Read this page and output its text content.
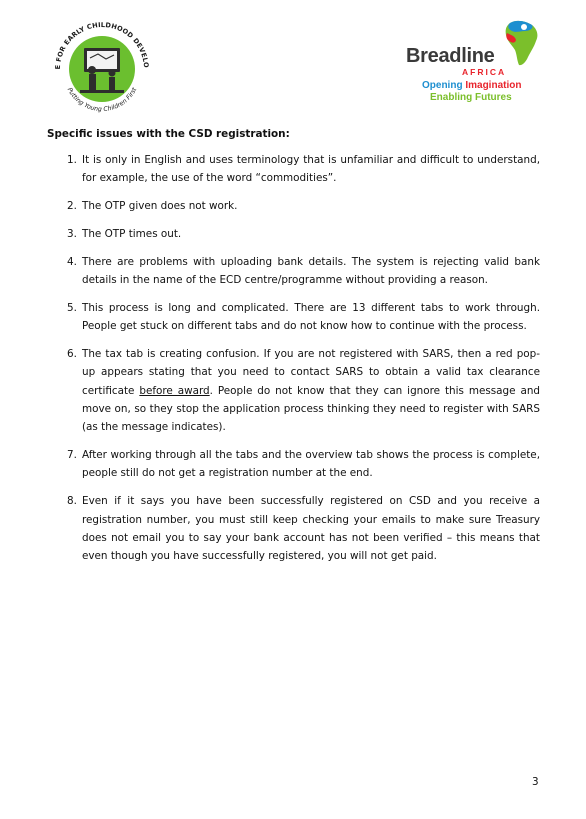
E FOR EARLY CHILDHOOD DEVELO
Putting Young Children First
Breadline
AFRICA
Opening Imagination
Enabling Futures

Specific issues with the CSD registration:

1. It is only in English and uses terminology that is unfamiliar and difficult to understand, for example, the use of the word “commodities”.
2. The OTP given does not work.
3. The OTP times out.
4. There are problems with uploading bank details. The system is rejecting valid bank details in the name of the ECD centre/programme without providing a reason.
5. This process is long and complicated. There are 13 different tabs to work through. People get stuck on different tabs and do not know how to continue with the process.
6. The tax tab is creating confusion. If you are not registered with SARS, then a red pop-up appears stating that you need to contact SARS to obtain a valid tax clearance certificate before award. People do not know that they can ignore this message and move on, so they stop the application process thinking they need to register with SARS (as the message indicates).
7. After working through all the tabs and the overview tab shows the process is complete, people still do not get a registration number at the end.
8. Even if it says you have been successfully registered on CSD and you receive a registration number, you must still keep checking your emails to make sure Treasury does not email you to say your bank account has not been verified – this means that even though you have successfully registered, you will not get paid.
3
